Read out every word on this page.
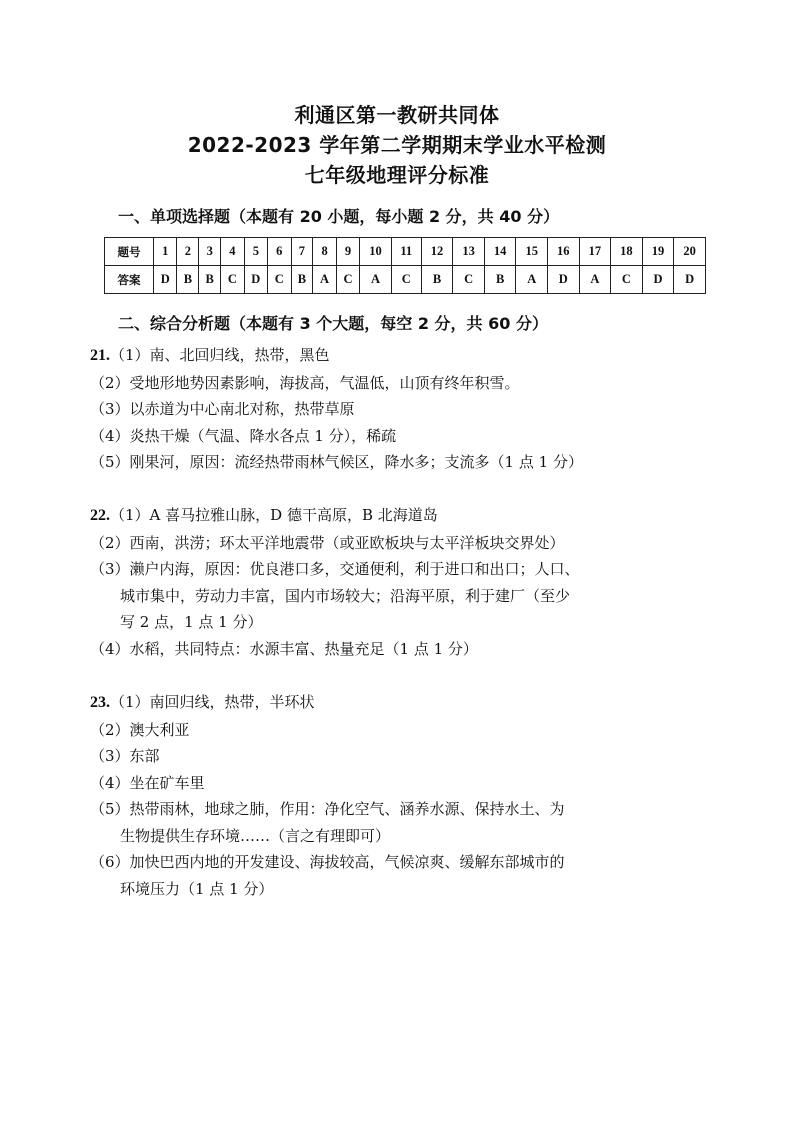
利通区第一教研共同体
2022-2023 学年第二学期期末学业水平检测
七年级地理评分标准
一、单项选择题（本题有 20 小题，每小题 2 分，共 40 分）
题号	1	2	3	4	5	6	7	8	9	10	11	12	13	14	15	16	17	18	19	20
答案	D	B	B	C	D	C	B	A	C	A	C	B	C	B	A	D	A	C	D	D
二、综合分析题（本题有 3 个大题，每空 2 分，共 60 分）
21.（1）南、北回归线，热带，黑色
（2）受地形地势因素影响，海拔高，气温低，山顶有终年积雪。
（3）以赤道为中心南北对称，热带草原
（4）炎热干燥（气温、降水各点 1 分），稀疏
（5）刚果河，原因：流经热带雨林气候区，降水多；支流多（1 点 1 分）
22.（1）A 喜马拉雅山脉，D 德干高原，B 北海道岛
（2）西南，洪涝；环太平洋地震带（或亚欧板块与太平洋板块交界处）
（3）濑户内海，原因：优良港口多，交通便利，利于进口和出口；人口、
城市集中，劳动力丰富，国内市场较大；沿海平原，利于建厂（至少
写 2 点，1 点 1 分）
（4）水稻，共同特点：水源丰富、热量充足（1 点 1 分）
23.（1）南回归线，热带，半环状
（2）澳大利亚
（3）东部
（4）坐在矿车里
（5）热带雨林，地球之肺，作用：净化空气、涵养水源、保持水土、为
生物提供生存环境……（言之有理即可）
（6）加快巴西内地的开发建设、海拔较高，气候凉爽、缓解东部城市的
环境压力（1 点 1 分）
